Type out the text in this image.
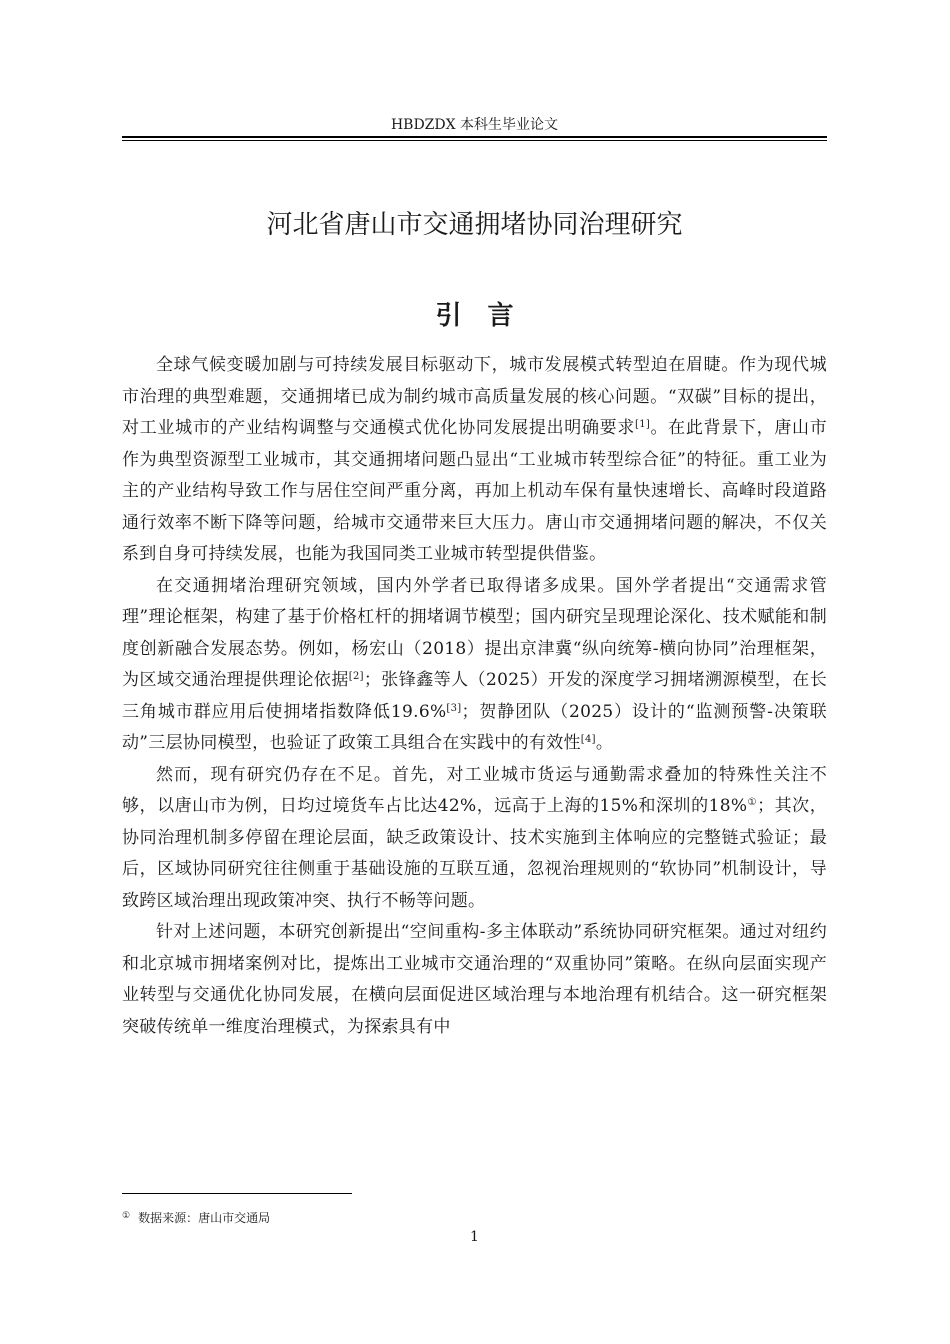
HBDZDX 本科生毕业论文
河北省唐山市交通拥堵协同治理研究
引　言

全球气候变暖加剧与可持续发展目标驱动下，城市发展模式转型迫在眉睫。作为现代城市治理的典型难题，交通拥堵已成为制约城市高质量发展的核心问题。“双碳”目标的提出，对工业城市的产业结构调整与交通模式优化协同发展提出明确要求[1]。在此背景下，唐山市作为典型资源型工业城市，其交通拥堵问题凸显出“工业城市转型综合征”的特征。重工业为主的产业结构导致工作与居住空间严重分离，再加上机动车保有量快速增长、高峰时段道路通行效率不断下降等问题，给城市交通带来巨大压力。唐山市交通拥堵问题的解决，不仅关系到自身可持续发展，也能为我国同类工业城市转型提供借鉴。

在交通拥堵治理研究领域，国内外学者已取得诸多成果。国外学者提出“交通需求管理”理论框架，构建了基于价格杠杆的拥堵调节模型；国内研究呈现理论深化、技术赋能和制度创新融合发展态势。例如，杨宏山（2018）提出京津冀“纵向统筹-横向协同”治理框架，为区域交通治理提供理论依据[2]；张锋鑫等人（2025）开发的深度学习拥堵溯源模型，在长三角城市群应用后使拥堵指数降低19.6%[3]；贺静团队（2025）设计的“监测预警-决策联动”三层协同模型，也验证了政策工具组合在实践中的有效性[4]。

然而，现有研究仍存在不足。首先，对工业城市货运与通勤需求叠加的特殊性关注不够，以唐山市为例，日均过境货车占比达42%，远高于上海的15%和深圳的18%①；其次，协同治理机制多停留在理论层面，缺乏政策设计、技术实施到主体响应的完整链式验证；最后，区域协同研究往往侧重于基础设施的互联互通，忽视治理规则的“软协同”机制设计，导致跨区域治理出现政策冲突、执行不畅等问题。

针对上述问题，本研究创新提出“空间重构-多主体联动”系统协同研究框架。通过对纽约和北京城市拥堵案例对比，提炼出工业城市交通治理的“双重协同”策略。在纵向层面实现产业转型与交通优化协同发展，在横向层面促进区域治理与本地治理有机结合。这一研究框架突破传统单一维度治理模式，为探索具有中

① 数据来源：唐山市交通局
1
